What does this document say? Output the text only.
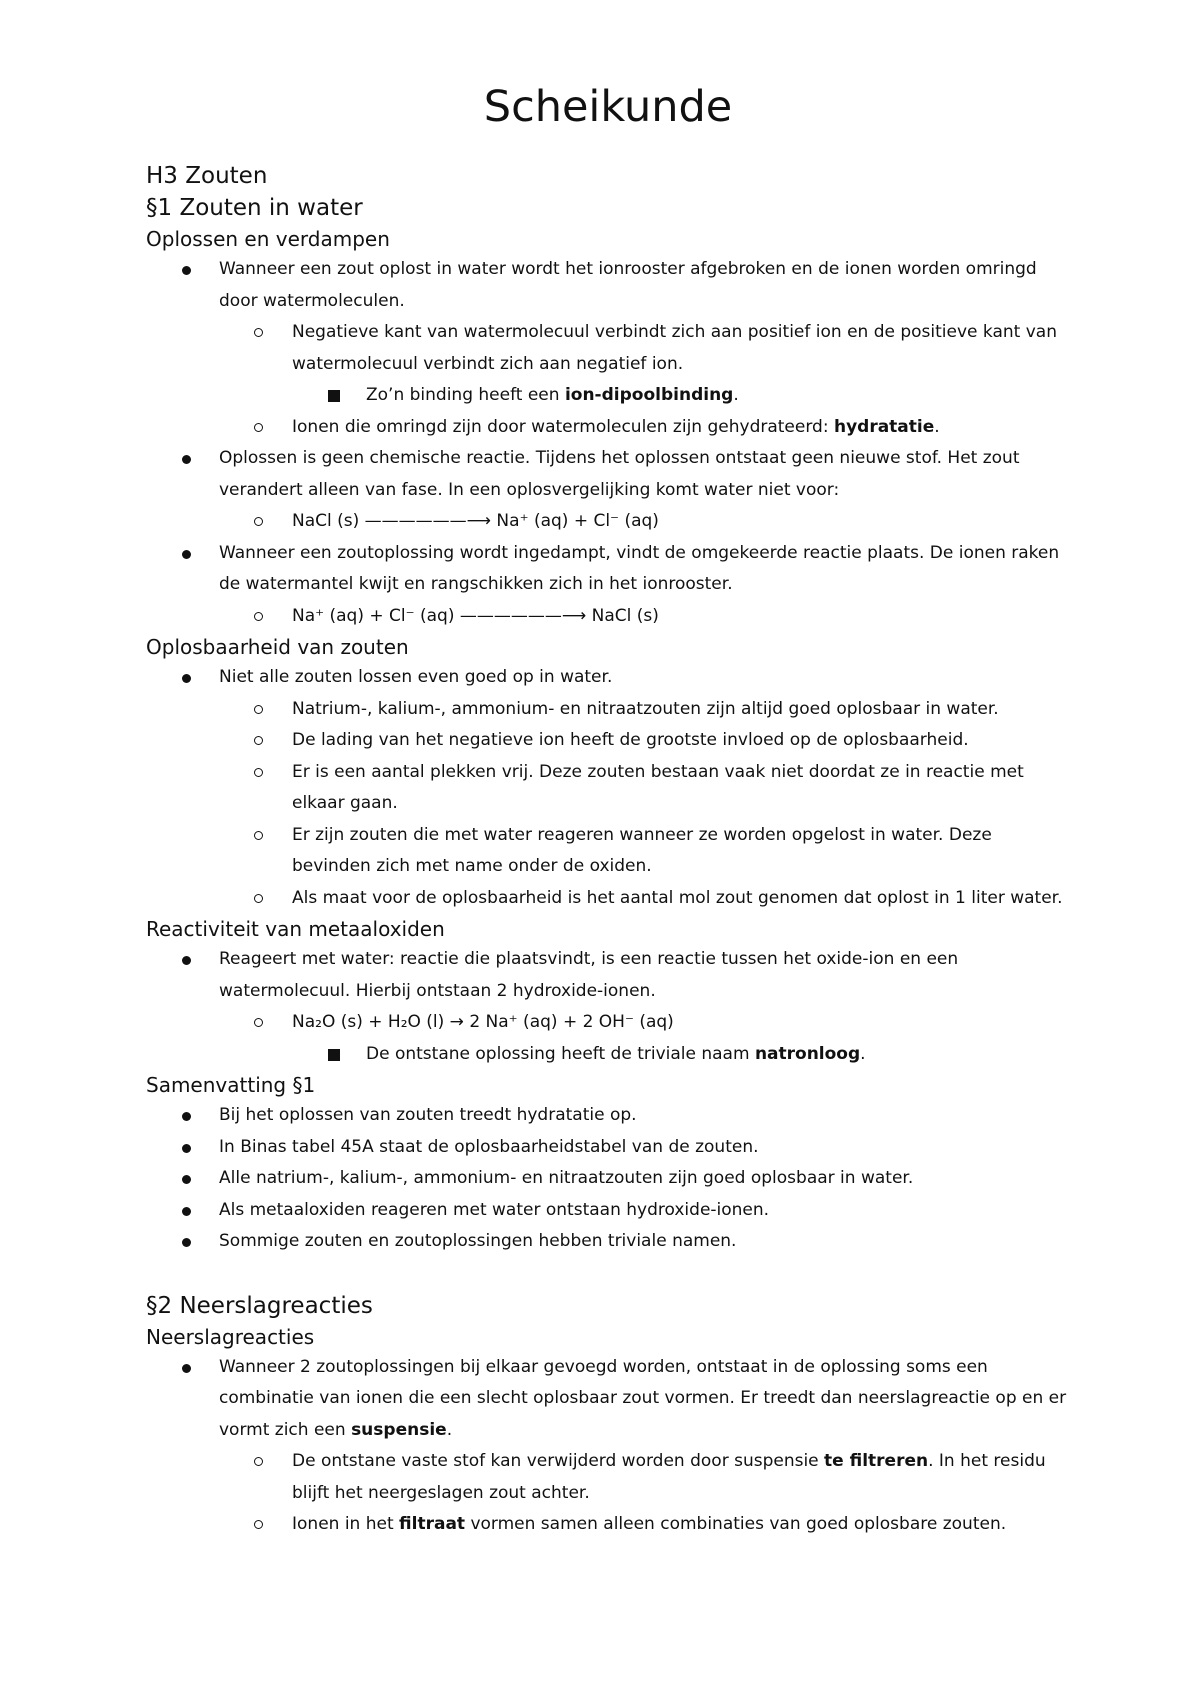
Scheikunde
H3 Zouten
§1 Zouten in water
Oplossen en verdampen
Wanneer een zout oplost in water wordt het ionrooster afgebroken en de ionen worden omringd door watermoleculen.
Negatieve kant van watermolecuul verbindt zich aan positief ion en de positieve kant van watermolecuul verbindt zich aan negatief ion.
Zo’n binding heeft een ion-dipoolbinding.
Ionen die omringd zijn door watermoleculen zijn gehydrateerd: hydratatie.
Oplossen is geen chemische reactie. Tijdens het oplossen ontstaat geen nieuwe stof. Het zout verandert alleen van fase. In een oplosvergelijking komt water niet voor:
NaCl (s) ——————⟶ Na⁺ (aq) + Cl⁻ (aq)
Wanneer een zoutoplossing wordt ingedampt, vindt de omgekeerde reactie plaats. De ionen raken de watermantel kwijt en rangschikken zich in het ionrooster.
Na⁺ (aq) + Cl⁻ (aq) ——————⟶ NaCl (s)
Oplosbaarheid van zouten
Niet alle zouten lossen even goed op in water.
Natrium-, kalium-, ammonium- en nitraatzouten zijn altijd goed oplosbaar in water.
De lading van het negatieve ion heeft de grootste invloed op de oplosbaarheid.
Er is een aantal plekken vrij. Deze zouten bestaan vaak niet doordat ze in reactie met elkaar gaan.
Er zijn zouten die met water reageren wanneer ze worden opgelost in water. Deze bevinden zich met name onder de oxiden.
Als maat voor de oplosbaarheid is het aantal mol zout genomen dat oplost in 1 liter water.
Reactiviteit van metaaloxiden
Reageert met water: reactie die plaatsvindt, is een reactie tussen het oxide-ion en een watermolecuul. Hierbij ontstaan 2 hydroxide-ionen.
Na₂O (s) + H₂O (l) → 2 Na⁺ (aq) + 2 OH⁻ (aq)
De ontstane oplossing heeft de triviale naam natronloog.
Samenvatting §1
Bij het oplossen van zouten treedt hydratatie op.
In Binas tabel 45A staat de oplosbaarheidstabel van de zouten.
Alle natrium-, kalium-, ammonium- en nitraatzouten zijn goed oplosbaar in water.
Als metaaloxiden reageren met water ontstaan hydroxide-ionen.
Sommige zouten en zoutoplossingen hebben triviale namen.
§2 Neerslagreacties
Neerslagreacties
Wanneer 2 zoutoplossingen bij elkaar gevoegd worden, ontstaat in de oplossing soms een combinatie van ionen die een slecht oplosbaar zout vormen. Er treedt dan neerslagreactie op en er vormt zich een suspensie.
De ontstane vaste stof kan verwijderd worden door suspensie te filtreren. In het residu blijft het neergeslagen zout achter.
Ionen in het filtraat vormen samen alleen combinaties van goed oplosbare zouten.
